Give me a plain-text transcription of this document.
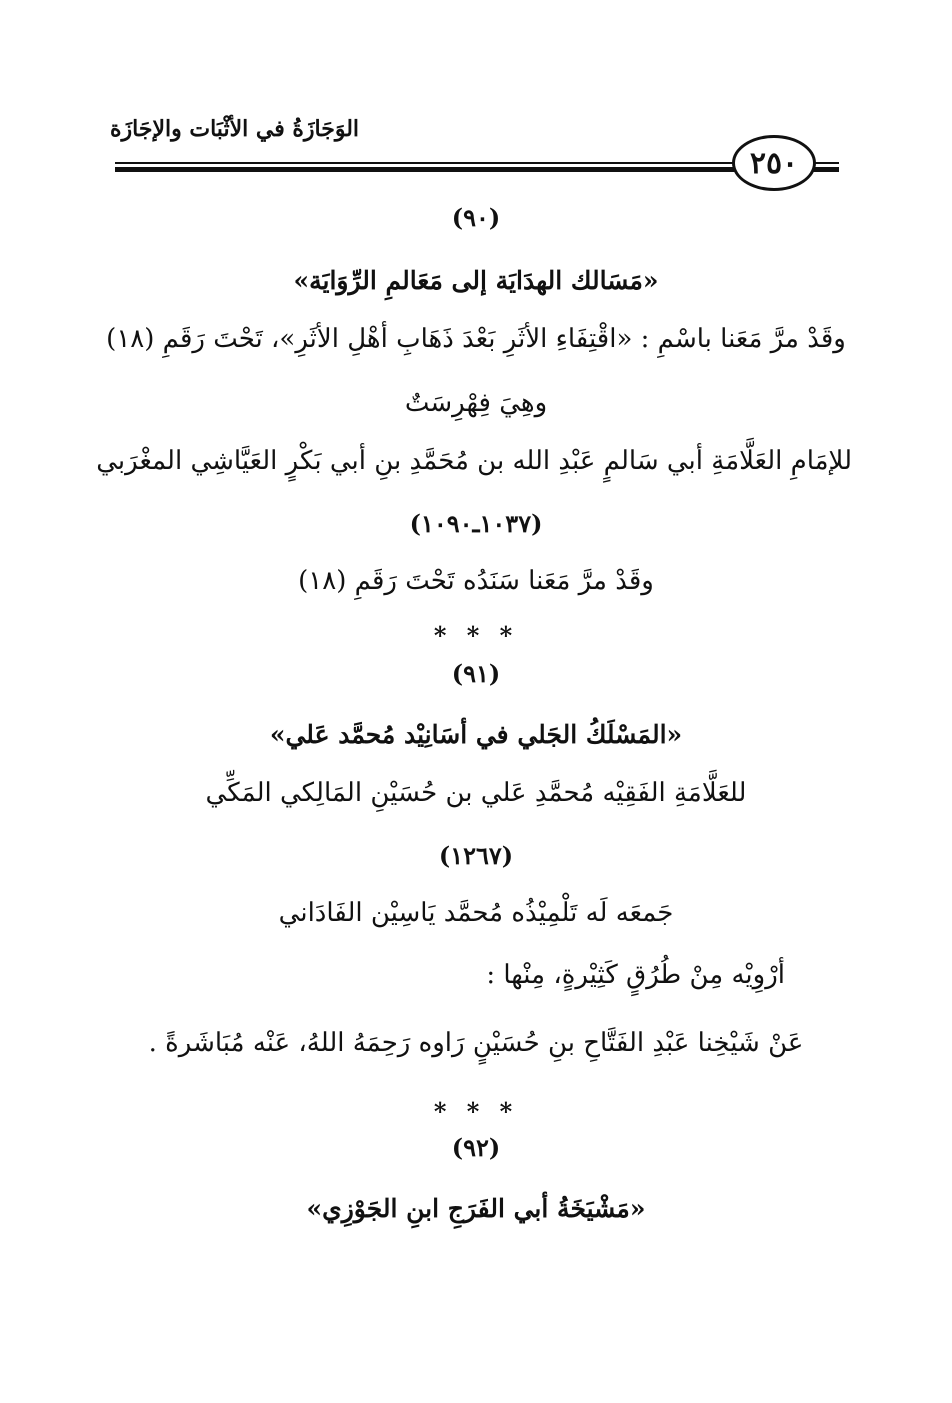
الوَجَازَةُ في الأثْبَات والإجَازَة
٢٥٠
(٩٠)
«مَسَالك الهدَايَة إلى مَعَالمِ الرِّوَايَة»
وقَدْ مرَّ مَعَنا باسْمِ : «اقْتِفَاءِ الأثَرِ بَعْدَ ذَهَابِ أهْلِ الأثَرِ»، تَحْتَ رَقَمِ (١٨)
وهِيَ فِهْرِسَتٌ
للإمَامِ العَلَّامَةِ أبي سَالمٍ عَبْدِ الله بن مُحَمَّدِ بنِ أبي بَكْرٍ العَيَّاشِي المغْرَبي
(١٠٣٧ـ١٠٩٠)
وقَدْ مرَّ مَعَنا سَنَدُه تَحْتَ رَقَمِ (١٨)
* * *
(٩١)
«المَسْلَكُ الجَلي في أسَانِيْد مُحمَّد عَلي»
للعَلَّامَةِ الفَقِيْه مُحمَّدِ عَلي بن حُسَيْنِ المَالِكي المَكِّي
(١٢٦٧)
جَمعَه لَه تَلْمِيْذُه مُحمَّد يَاسِيْن الفَادَاني
أرْوِيْه مِنْ طُرُقٍ كَثِيْرةٍ، مِنْها :
عَنْ شَيْخِنا عَبْدِ الفَتَّاحِ بنِ حُسَيْنٍ رَاوه رَحِمَهُ اللهُ، عَنْه مُبَاشَرةً .
* * *
(٩٢)
«مَشْيَخَةُ أبي الفَرَجِ ابنِ الجَوْزِي»
